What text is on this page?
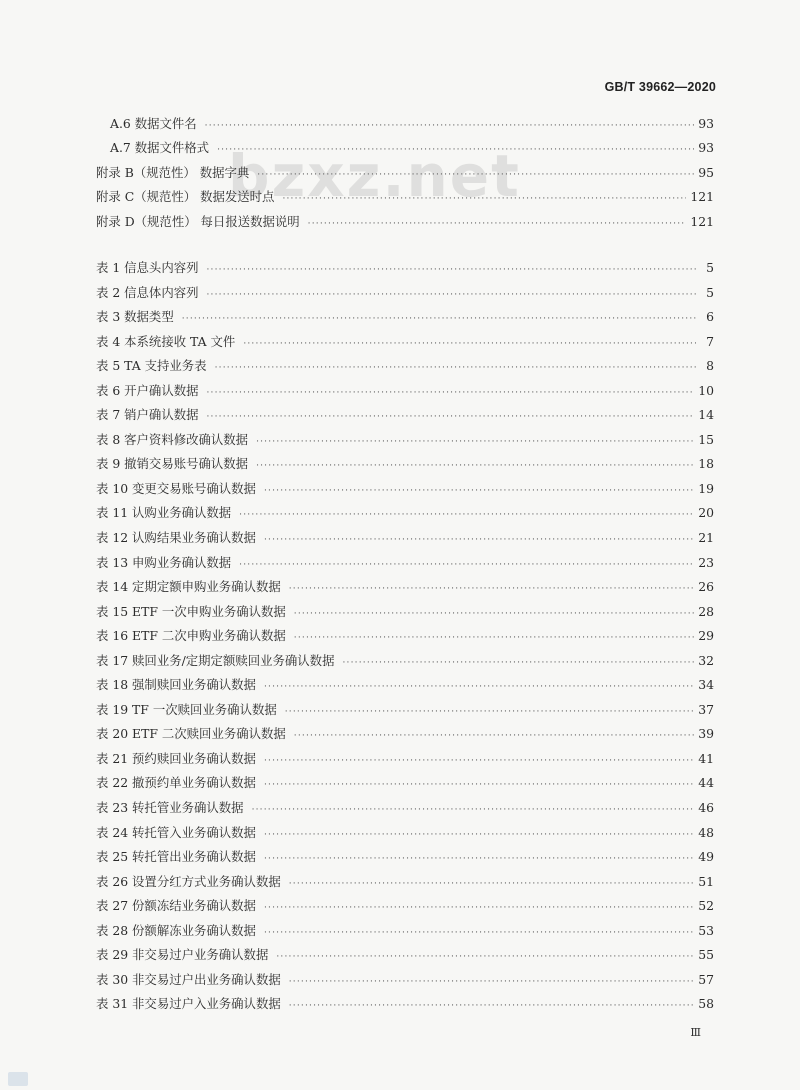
GB/T 39662—2020
bzxz.net
A.6 数据文件名 ·····	93
A.7 数据文件格式 ·····	93
附录 B（规范性） 数据字典 ·····	95
附录 C（规范性） 数据发送时点 ·····	121
附录 D（规范性） 每日报送数据说明 ·····	121
表 1 信息头内容列 ·····	5
表 2 信息体内容列 ·····	5
表 3 数据类型 ·····	6
表 4 本系统接收 TA 文件 ·····	7
表 5 TA 支持业务表 ·····	8
表 6 开户确认数据 ·····	10
表 7 销户确认数据 ·····	14
表 8 客户资料修改确认数据 ·····	15
表 9 撤销交易账号确认数据 ·····	18
表 10 变更交易账号确认数据 ·····	19
表 11 认购业务确认数据 ·····	20
表 12 认购结果业务确认数据 ·····	21
表 13 申购业务确认数据 ·····	23
表 14 定期定额申购业务确认数据 ·····	26
表 15 ETF 一次申购业务确认数据 ·····	28
表 16 ETF 二次申购业务确认数据 ·····	29
表 17 赎回业务/定期定额赎回业务确认数据 ·····	32
表 18 强制赎回业务确认数据 ·····	34
表 19 TF 一次赎回业务确认数据 ·····	37
表 20 ETF 二次赎回业务确认数据 ·····	39
表 21 预约赎回业务确认数据 ·····	41
表 22 撤预约单业务确认数据 ·····	44
表 23 转托管业务确认数据 ·····	46
表 24 转托管入业务确认数据 ·····	48
表 25 转托管出业务确认数据 ·····	49
表 26 设置分红方式业务确认数据 ·····	51
表 27 份额冻结业务确认数据 ·····	52
表 28 份额解冻业务确认数据 ·····	53
表 29 非交易过户业务确认数据 ·····	55
表 30 非交易过户出业务确认数据 ·····	57
表 31 非交易过户入业务确认数据 ·····	58
Ⅲ
